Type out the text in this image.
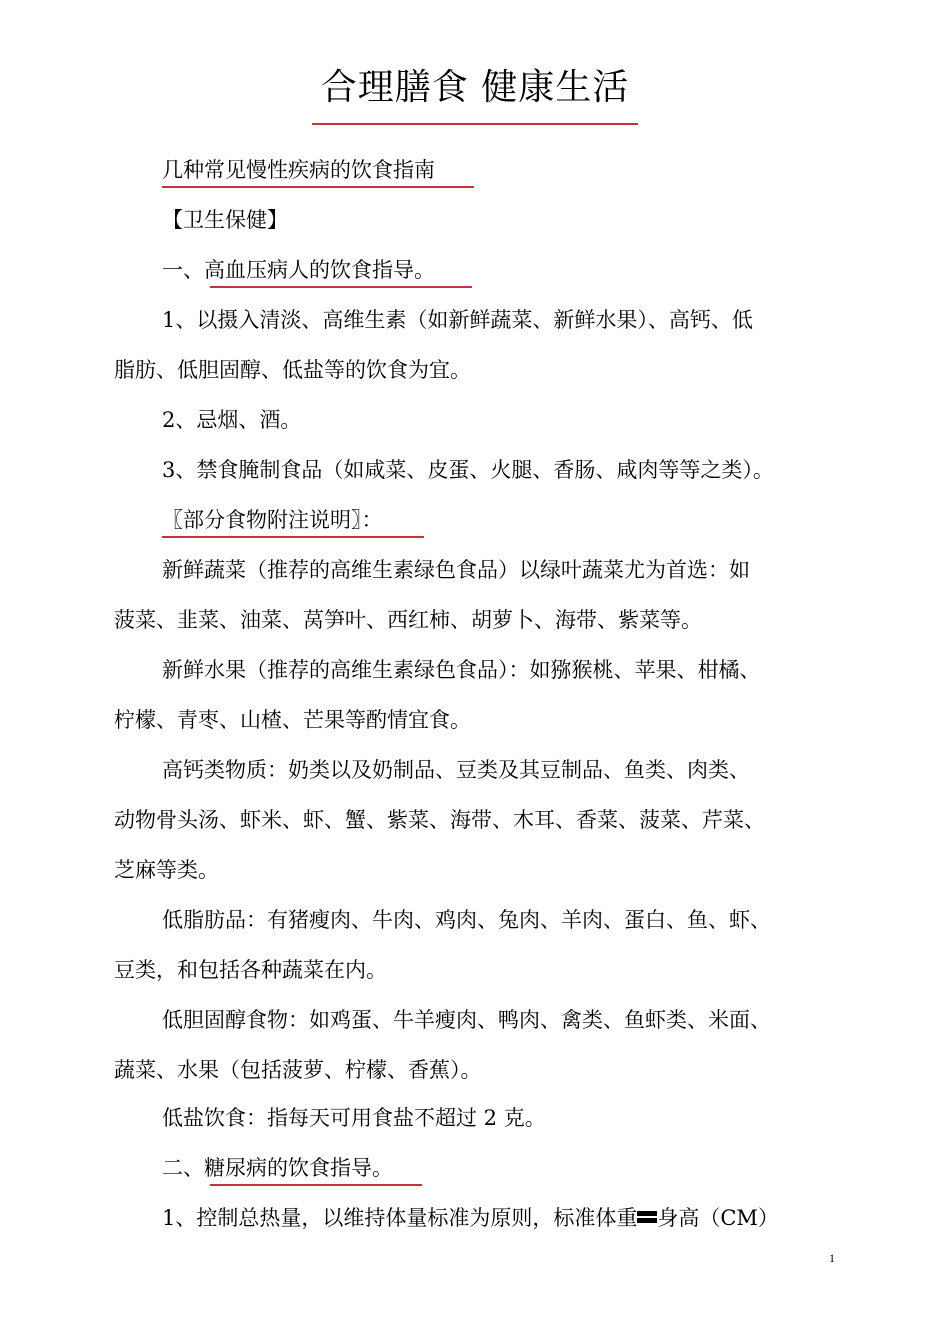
合理膳食 健康生活
几种常见慢性疾病的饮食指南
【卫生保健】
一、高血压病人的饮食指导。
1、以摄入清淡、高维生素（如新鲜蔬菜、新鲜水果）、高钙、低
脂肪、低胆固醇、低盐等的饮食为宜。
2、忌烟、酒。
3、禁食腌制食品（如咸菜、皮蛋、火腿、香肠、咸肉等等之类）。
〖部分食物附注说明〗：
新鲜蔬菜（推荐的高维生素绿色食品）以绿叶蔬菜尤为首选：如
菠菜、韭菜、油菜、莴笋叶、西红柿、胡萝卜、海带、紫菜等。
新鲜水果（推荐的高维生素绿色食品）：如猕猴桃、苹果、柑橘、
柠檬、青枣、山楂、芒果等酌情宜食。
高钙类物质：奶类以及奶制品、豆类及其豆制品、鱼类、肉类、
动物骨头汤、虾米、虾、蟹、紫菜、海带、木耳、香菜、菠菜、芹菜、
芝麻等类。
低脂肪品：有猪瘦肉、牛肉、鸡肉、兔肉、羊肉、蛋白、鱼、虾、
豆类，和包括各种蔬菜在内。
低胆固醇食物：如鸡蛋、牛羊瘦肉、鸭肉、禽类、鱼虾类、米面、
蔬菜、水果（包括菠萝、柠檬、香蕉）。
低盐饮食：指每天可用食盐不超过 2 克。
二、糖尿病的饮食指导。
1、控制总热量，以维持体量标准为原则，标准体重 身高（CM）
1
